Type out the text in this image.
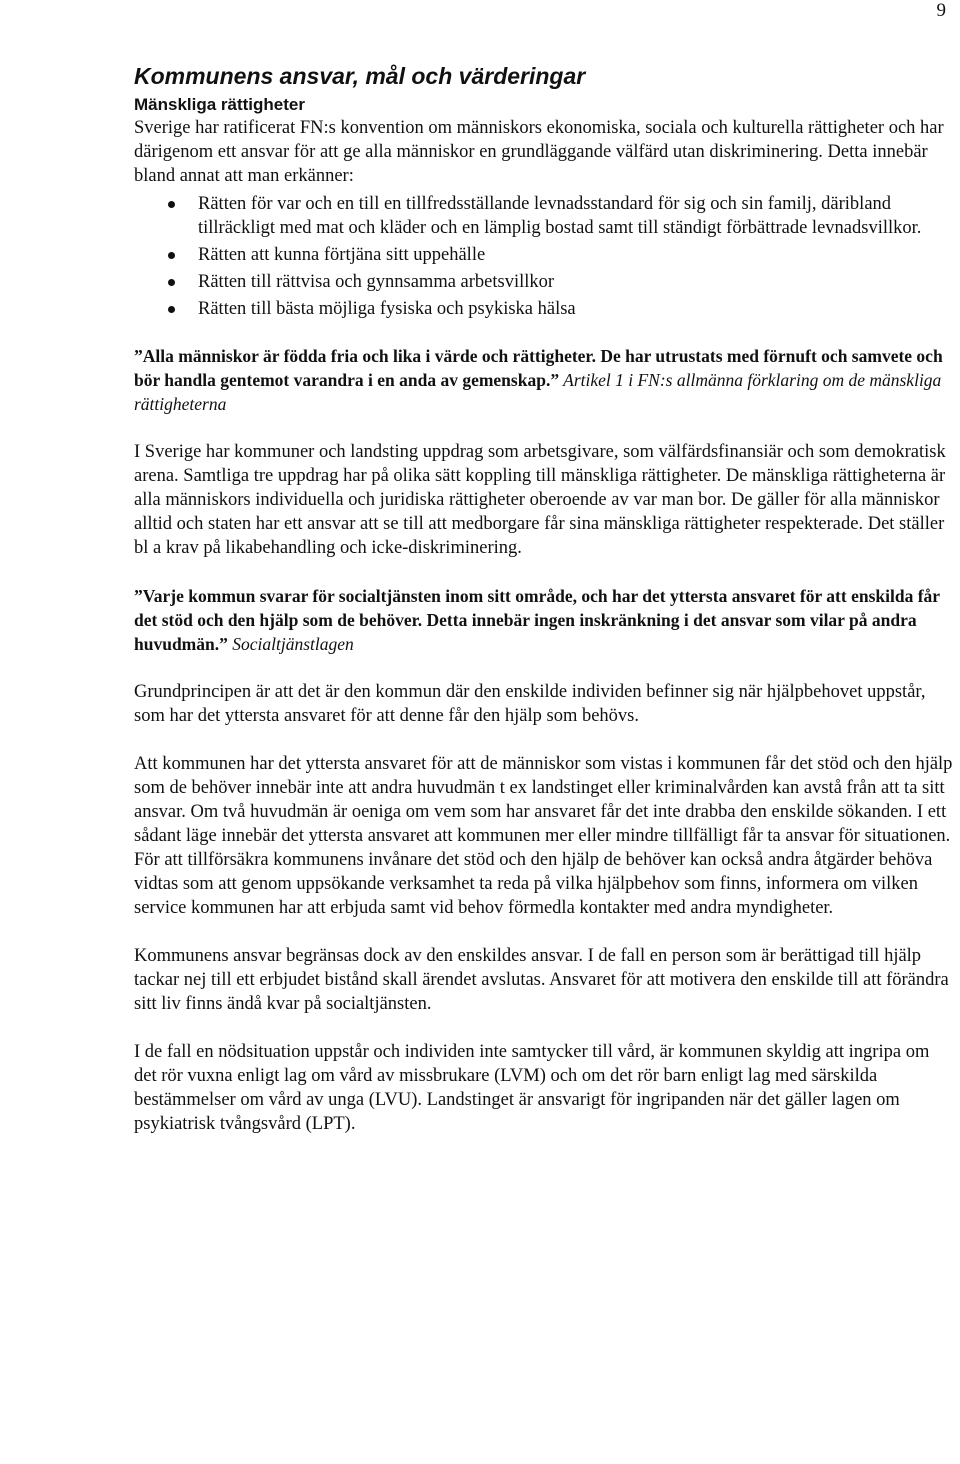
9
Kommunens ansvar, mål och värderingar
Mänskliga rättigheter

Sverige har ratificerat FN:s konvention om människors ekonomiska, sociala och kulturella rättigheter och har därigenom ett ansvar för att ge alla människor en grundläggande välfärd utan diskriminering. Detta innebär bland annat att man erkänner:

Rätten för var och en till en tillfredsställande levnadsstandard för sig och sin familj, däribland tillräckligt med mat och kläder och en lämplig bostad samt till ständigt förbättrade levnadsvillkor.
Rätten att kunna förtjäna sitt uppehälle
Rätten till rättvisa och gynnsamma arbetsvillkor
Rätten till bästa möjliga fysiska och psykiska hälsa

”Alla människor är födda fria och lika i värde och rättigheter. De har utrustats med förnuft och samvete och bör handla gentemot varandra i en anda av gemenskap.” Artikel 1 i FN:s allmänna förklaring om de mänskliga rättigheterna

I Sverige har kommuner och landsting uppdrag som arbetsgivare, som välfärdsfinansiär och som demokratisk arena. Samtliga tre uppdrag har på olika sätt koppling till mänskliga rättigheter. De mänskliga rättigheterna är alla människors individuella och juridiska rättigheter oberoende av var man bor. De gäller för alla människor alltid och staten har ett ansvar att se till att medborgare får sina mänskliga rättigheter respekterade. Det ställer bl a krav på likabehandling och icke-diskriminering.

”Varje kommun svarar för socialtjänsten inom sitt område, och har det yttersta ansvaret för att enskilda får det stöd och den hjälp som de behöver. Detta innebär ingen inskränkning i det ansvar som vilar på andra huvudmän.” Socialtjänstlagen

Grundprincipen är att det är den kommun där den enskilde individen befinner sig när hjälpbehovet uppstår, som har det yttersta ansvaret för att denne får den hjälp som behövs.

Att kommunen har det yttersta ansvaret för att de människor som vistas i kommunen får det stöd och den hjälp som de behöver innebär inte att andra huvudmän t ex landstinget eller kriminalvården kan avstå från att ta sitt ansvar. Om två huvudmän är oeniga om vem som har ansvaret får det inte drabba den enskilde sökanden. I ett sådant läge innebär det yttersta ansvaret att kommunen mer eller mindre tillfälligt får ta ansvar för situationen. För att tillförsäkra kommunens invånare det stöd och den hjälp de behöver kan också andra åtgärder behöva vidtas som att genom uppsökande verksamhet ta reda på vilka hjälpbehov som finns, informera om vilken service kommunen har att erbjuda samt vid behov förmedla kontakter med andra myndigheter.

Kommunens ansvar begränsas dock av den enskildes ansvar. I de fall en person som är berättigad till hjälp tackar nej till ett erbjudet bistånd skall ärendet avslutas. Ansvaret för att motivera den enskilde till att förändra sitt liv finns ändå kvar på socialtjänsten.

I de fall en nödsituation uppstår och individen inte samtycker till vård, är kommunen skyldig att ingripa om det rör vuxna enligt lag om vård av missbrukare (LVM) och om det rör barn enligt lag med särskilda bestämmelser om vård av unga (LVU). Landstinget är ansvarigt för ingripanden när det gäller lagen om psykiatrisk tvångsvård (LPT).
